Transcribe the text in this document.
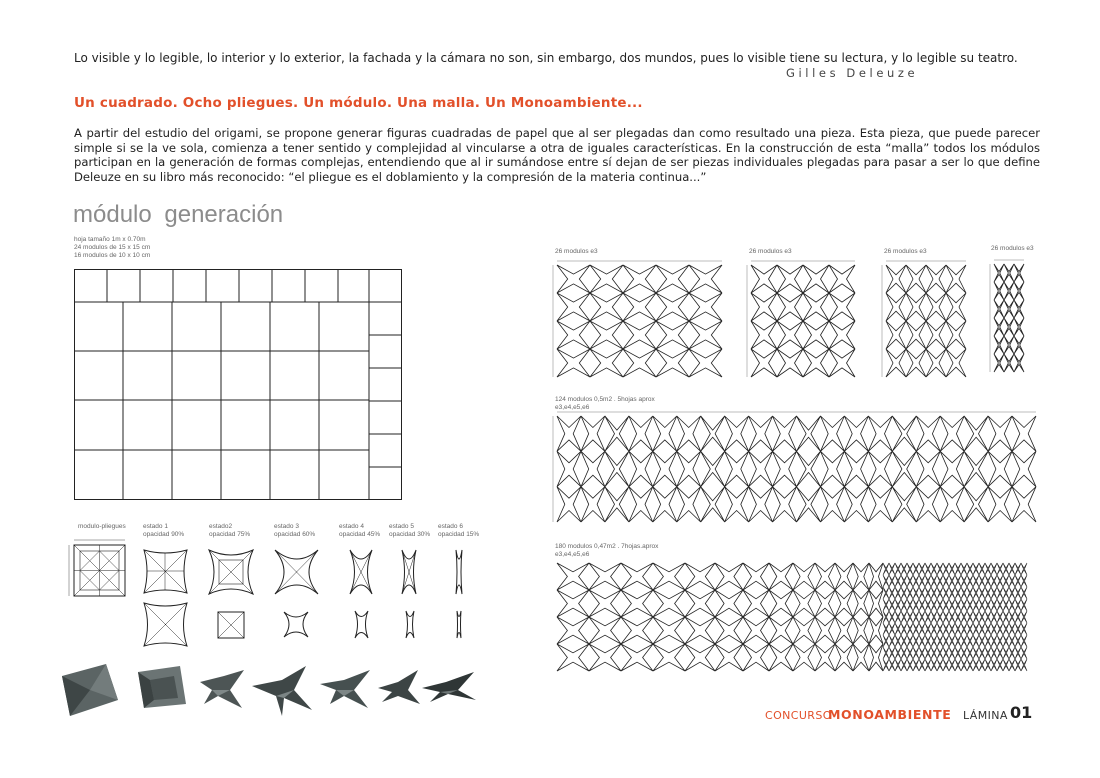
Lo visible y lo legible, lo interior y lo exterior, la fachada y la cámara no son, sin embargo, dos mundos, pues lo visible tiene su lectura, y lo legible su teatro.
Gilles Deleuze
Un cuadrado. Ocho pliegues. Un módulo. Una malla. Un Monoambiente...
A partir del estudio del origami, se propone generar figuras cuadradas de papel que al ser plegadas dan como resultado una pieza. Esta pieza, que puede parecer simple si se la ve sola, comienza a tener sentido y complejidad al vincularse a otra de iguales características. En la construcción de esta “malla” todos los módulos participan en la generación de formas complejas, entendiendo que al ir sumándose entre sí dejan de ser piezas individuales plegadas para pasar a ser lo que define Deleuze en su libro más reconocido: “el pliegue es el doblamiento y la compresión de la materia continua...”
módulo generación
hoja tamaño 1m x 0.70m
24 modulos de 15 x 15 cm
16 modulos de 10 x 10 cm
modulo-pliegues	estado 1
opacidad 90%
estado2
opacidad 75%
estado 3
opacidad 60%
estado 4
opacidad 45%
estado 5
opacidad 30%
estado 6
opacidad 15%
26 modulos e3	26 modulos e3	26 modulos e3	26 modulos e3
124 modulos 0,5m2 . 5hojas aprox
e3,e4,e5,e6
180 modulos 0,47m2 . 7hojas.aprox
e3,e4,e5,e6
CONCURSO
MONOAMBIENTE LÁMINA 01
